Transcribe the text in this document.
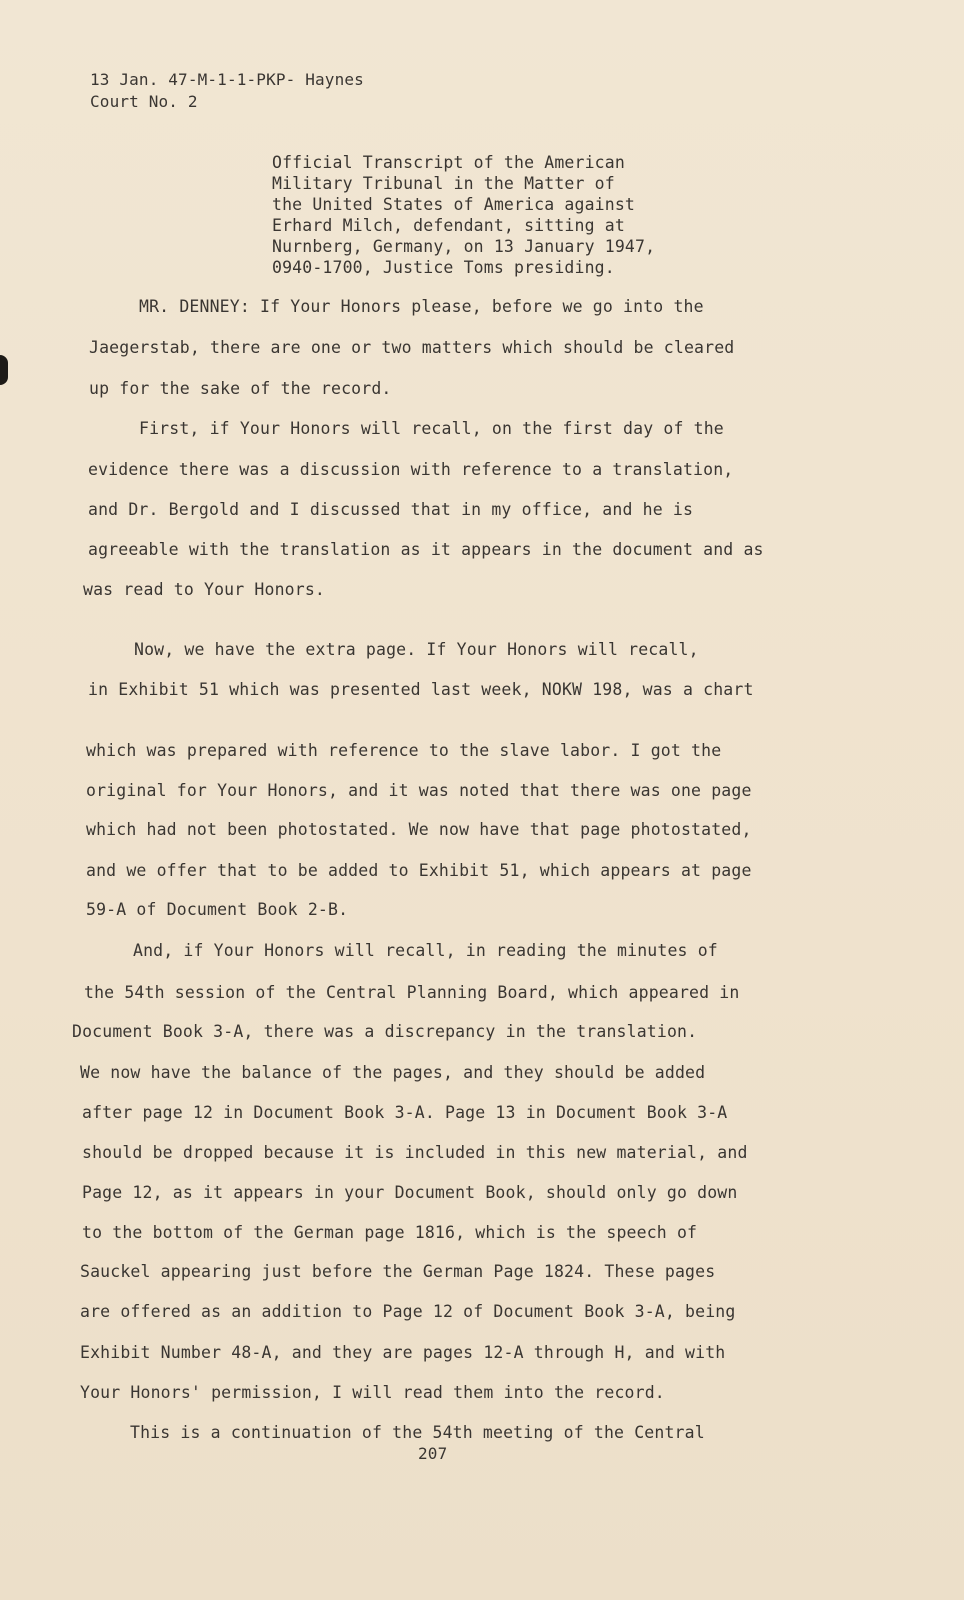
13 Jan. 47-M-1-1-PKP- Haynes
Court No. 2
Official Transcript of the American
Military Tribunal in the Matter of
the United States of America against
Erhard Milch, defendant, sitting at
Nurnberg, Germany, on 13 January 1947,
0940-1700, Justice Toms presiding.
MR. DENNEY: If Your Honors please, before we go into the
Jaegerstab, there are one or two matters which should be cleared
up for the sake of the record.
First, if Your Honors will recall, on the first day of the
evidence there was a discussion with reference to a translation,
and Dr. Bergold and I discussed that in my office, and he is
agreeable with the translation as it appears in the document and as
was read to Your Honors.
Now, we have the extra page. If Your Honors will recall,
in Exhibit 51 which was presented last week, NOKW 198, was a chart
which was prepared with reference to the slave labor. I got the
original for Your Honors, and it was noted that there was one page
which had not been photostated. We now have that page photostated,
and we offer that to be added to Exhibit 51, which appears at page
59-A of Document Book 2-B.
And, if Your Honors will recall, in reading the minutes of
the 54th session of the Central Planning Board, which appeared in
Document Book 3-A, there was a discrepancy in the translation.
We now have the balance of the pages, and they should be added
after page 12 in Document Book 3-A. Page 13 in Document Book 3-A
should be dropped because it is included in this new material, and
Page 12, as it appears in your Document Book, should only go down
to the bottom of the German page 1816, which is the speech of
Sauckel appearing just before the German Page 1824. These pages
are offered as an addition to Page 12 of Document Book 3-A, being
Exhibit Number 48-A, and they are pages 12-A through H, and with
Your Honors' permission, I will read them into the record.
This is a continuation of the 54th meeting of the Central
207
